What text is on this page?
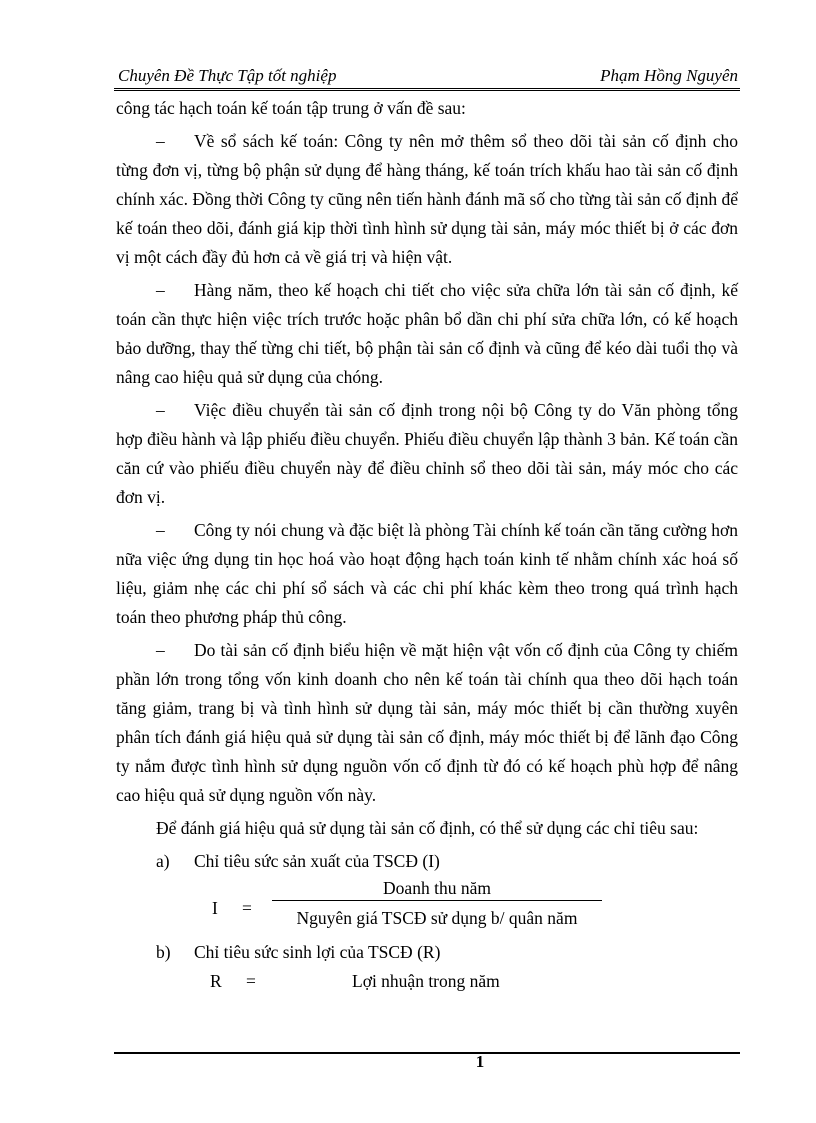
Chuyên Đề Thực Tập tốt nghiệp	Phạm Hồng Nguyên

công tác hạch toán kế toán tập trung ở vấn đề sau:

– Về sổ sách kế toán: Công ty nên mở thêm sổ theo dõi tài sản cố định cho từng đơn vị, từng bộ phận sử dụng để hàng tháng, kế toán trích khấu hao tài sản cố định chính xác. Đồng thời Công ty cũng nên tiến hành đánh mã số cho từng tài sản cố định để kế toán theo dõi, đánh giá kịp thời tình hình sử dụng tài sản, máy móc thiết bị ở các đơn vị một cách đầy đủ hơn cả về giá trị và hiện vật.

– Hàng năm, theo kế hoạch chi tiết cho việc sửa chữa lớn tài sản cố định, kế toán cần thực hiện việc trích trước hoặc phân bổ dần chi phí sửa chữa lớn, có kế hoạch bảo dưỡng, thay thế từng chi tiết, bộ phận tài sản cố định và cũng để kéo dài tuổi thọ và nâng cao hiệu quả sử dụng của chóng.

– Việc điều chuyển tài sản cố định trong nội bộ Công ty do Văn phòng tổng hợp điều hành và lập phiếu điều chuyển. Phiếu điều chuyển lập thành 3 bản. Kế toán cần căn cứ vào phiếu điều chuyển này để điều chỉnh sổ theo dõi tài sản, máy móc cho các đơn vị.

– Công ty nói chung và đặc biệt là phòng Tài chính kế toán cần tăng cường hơn nữa việc ứng dụng tin học hoá vào hoạt động hạch toán kinh tế nhằm chính xác hoá số liệu, giảm nhẹ các chi phí sổ sách và các chi phí khác kèm theo trong quá trình hạch toán theo phương pháp thủ công.

– Do tài sản cố định biểu hiện về mặt hiện vật vốn cố định của Công ty chiếm phần lớn trong tổng vốn kinh doanh cho nên kế toán tài chính qua theo dõi hạch toán tăng giảm, trang bị và tình hình sử dụng tài sản, máy móc thiết bị cần thường xuyên phân tích đánh giá hiệu quả sử dụng tài sản cố định, máy móc thiết bị để lãnh đạo Công ty nắm được tình hình sử dụng nguồn vốn cố định từ đó có kế hoạch phù hợp để nâng cao hiệu quả sử dụng nguồn vốn này.

Để đánh giá hiệu quả sử dụng tài sản cố định, có thể sử dụng các chỉ tiêu sau:

a) Chỉ tiêu sức sản xuất của TSCĐ (I)
I =
Doanh thu năm
Nguyên giá TSCĐ sử dụng b/ quân năm
b) Chỉ tiêu sức sinh lợi của TSCĐ (R)
R =	Lợi nhuận trong năm
1
